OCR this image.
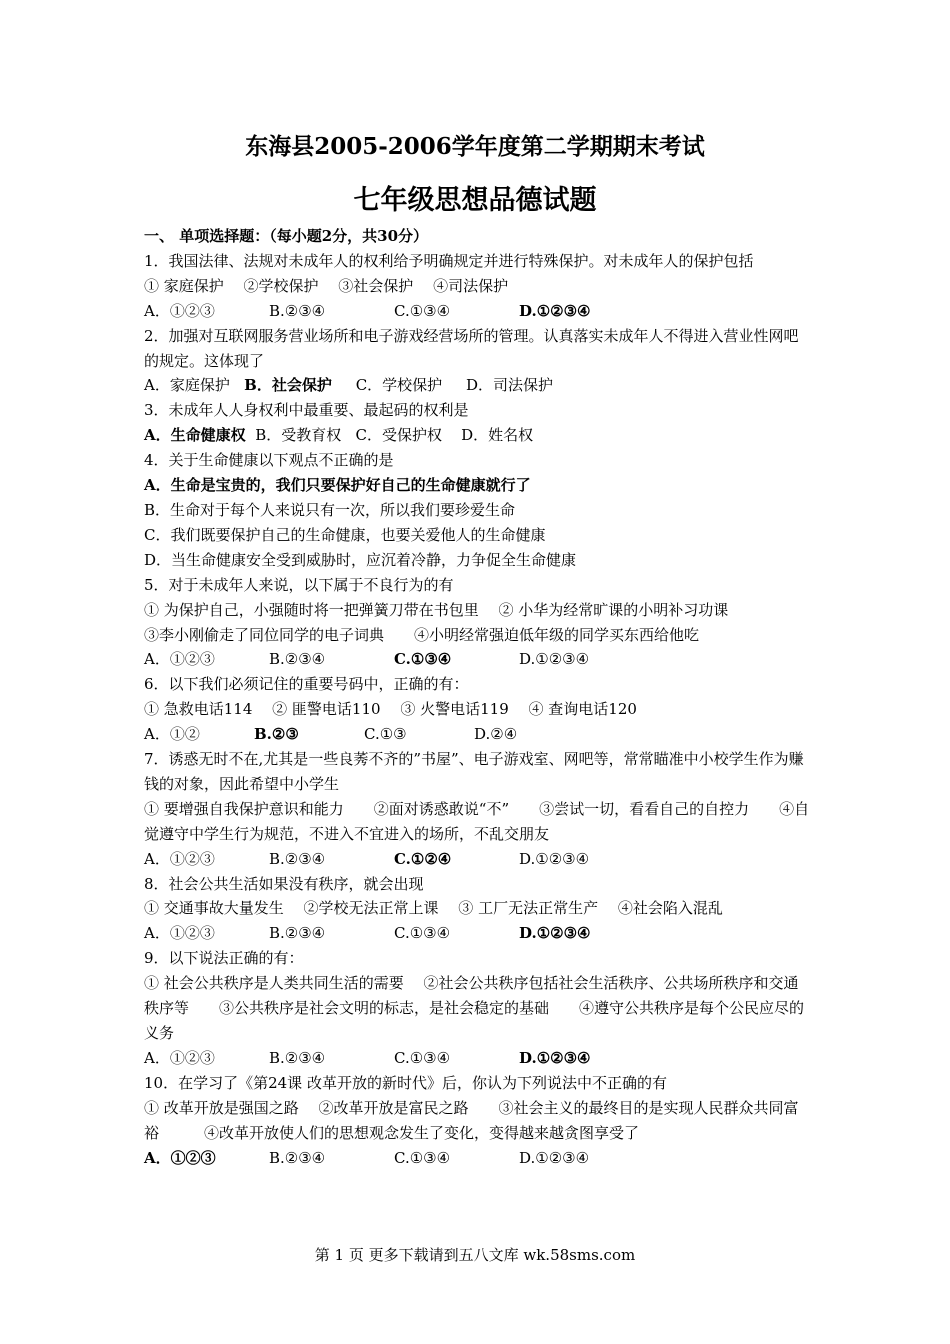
东海县2005-2006学年度第二学期期末考试
七年级思想品德试题
一、 单项选择题：（每小题2分，共30分）
1．我国法律、法规对未成年人的权利给予明确规定并进行特殊保护。对未成年人的保护包括
① 家庭保护　 ②学校保护　 ③社会保护　 ④司法保护
A．①②③	B.②③④	C.①③④	D.①②③④
2．加强对互联网服务营业场所和电子游戏经营场所的管理。认真落实未成年人不得进入营业性网吧的规定。这体现了
A．家庭保护 B．社会保护 C．学校保护 D．司法保护
3．未成年人人身权利中最重要、最起码的权利是
A．生命健康权 B．受教育权 C．受保护权 D．姓名权
4．关于生命健康以下观点不正确的是
A．生命是宝贵的，我们只要保护好自己的生命健康就行了
B．生命对于每个人来说只有一次，所以我们要珍爱生命
C．我们既要保护自己的生命健康，也要关爱他人的生命健康
D．当生命健康安全受到威胁时，应沉着冷静，力争促全生命健康
5．对于未成年人来说，以下属于不良行为的有
① 为保护自己，小强随时将一把弹簧刀带在书包里　 ② 小华为经常旷课的小明补习功课
③李小刚偷走了同位同学的电子词典　　④小明经常强迫低年级的同学买东西给他吃
A．①②③	B.②③④	C.①③④	D.①②③④
6．以下我们必须记住的重要号码中，正确的有：
① 急救电话114　 ② 匪警电话110　 ③ 火警电话119　 ④ 查询电话120
A．①②	B.②③	C.①③	D.②④
7．诱惑无时不在,尤其是一些良莠不齐的”书屋”、电子游戏室、网吧等，常常瞄准中小校学生作为赚钱的对象，因此希望中小学生
① 要增强自我保护意识和能力　　②面对诱惑敢说“不”　　③尝试一切，看看自己的自控力　　④自觉遵守中学生行为规范，不进入不宜进入的场所，不乱交朋友
A．①②③	B.②③④	C.①②④	D.①②③④
8．社会公共生活如果没有秩序，就会出现
① 交通事故大量发生　 ②学校无法正常上课　 ③ 工厂无法正常生产　 ④社会陷入混乱
A．①②③	B.②③④	C.①③④	D.①②③④
9．以下说法正确的有：
① 社会公共秩序是人类共同生活的需要　 ②社会公共秩序包括社会生活秩序、公共场所秩序和交通秩序等　　③公共秩序是社会文明的标志，是社会稳定的基础　　④遵守公共秩序是每个公民应尽的义务
A．①②③	B.②③④	C.①③④	D.①②③④
10．在学习了《第24课 改革开放的新时代》后，你认为下列说法中不正确的有
① 改革开放是强国之路　 ②改革开放是富民之路　　③社会主义的最终目的是实现人民群众共同富裕　　　④改革开放使人们的思想观念发生了变化，变得越来越贪图享受了
A．①②③	B.②③④	C.①③④	D.①②③④
第 1 页 更多下载请到五八文库 wk.58sms.com
